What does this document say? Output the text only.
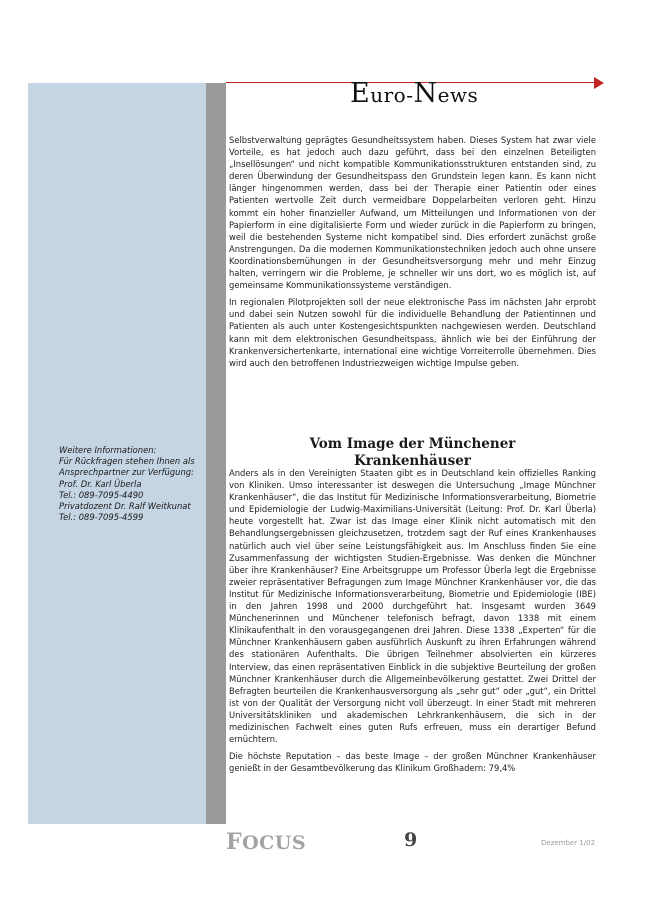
Euro-News

Selbstverwaltung geprägtes Gesundheitssystem haben. Dieses System hat zwar viele Vorteile, es hat jedoch auch dazu geführt, dass bei den einzelnen Beteiligten „Insellösungen“ und nicht kompatible Kommunikationsstrukturen entstanden sind, zu deren Überwindung der Gesundheitspass den Grundstein legen kann. Es kann nicht länger hingenommen werden, dass bei der Therapie einer Patientin oder eines Patienten wertvolle Zeit durch vermeidbare Doppelarbeiten verloren geht. Hinzu kommt ein hoher finanzieller Aufwand, um Mitteilungen und Informationen von der Papierform in eine digitalisierte Form und wieder zurück in die Papierform zu bringen, weil die bestehenden Systeme nicht kompatibel sind. Dies erfordert zunächst große Anstrengungen. Da die modernen Kommunikationstechniken jedoch auch ohne unsere Koordinationsbemühungen in der Gesundheitsversorgung mehr und mehr Einzug halten, verringern wir die Probleme, je schneller wir uns dort, wo es möglich ist, auf gemeinsame Kommunikationssysteme verständigen.

In regionalen Pilotprojekten soll der neue elektronische Pass im nächsten Jahr erprobt und dabei sein Nutzen sowohl für die individuelle Behandlung der Patientinnen und Patienten als auch unter Kostengesichtspunkten nachgewiesen werden. Deutschland kann mit dem elektronischen Gesundheitspass, ähnlich wie bei der Einführung der Krankenversichertenkarte, international eine wichtige Vorreiterrolle übernehmen. Dies wird auch den betroffenen Industriezweigen wichtige Impulse geben.

Vom Image der Münchener
Krankenhäuser

Anders als in den Vereinigten Staaten gibt es in Deutschland kein offizielles Ranking von Kliniken. Umso interessanter ist deswegen die Untersuchung „Image Münchner Krankenhäuser“, die das Institut für Medizinische Informationsverarbeitung, Biometrie und Epidemiologie der Ludwig-Maximilians-Universität (Leitung: Prof. Dr. Karl Überla) heute vorgestellt hat. Zwar ist das Image einer Klinik nicht automatisch mit den Behandlungsergebnissen gleichzusetzen, trotzdem sagt der Ruf eines Krankenhauses natürlich auch viel über seine Leistungsfähigkeit aus. Im Anschluss finden Sie eine Zusammenfassung der wichtigsten Studien-Ergebnisse. Was denken die Münchner über ihre Krankenhäuser? Eine Arbeitsgruppe um Professor Überla legt die Ergebnisse zweier repräsentativer Befragungen zum Image Münchner Krankenhäuser vor, die das Institut für Medizinische Informationsverarbeitung, Biometrie und Epidemiologie (IBE) in den Jahren 1998 und 2000 durchgeführt hat. Insgesamt wurden 3649 Münchenerinnen und Münchener telefonisch befragt, davon 1338 mit einem Klinikaufenthalt in den vorausgegangenen drei Jahren. Diese 1338 „Experten“ für die Münchner Krankenhäusern gaben ausführlich Auskunft zu ihren Erfahrungen während des stationären Aufenthalts. Die übrigen Teilnehmer absolvierten ein kürzeres Interview, das einen repräsentativen Einblick in die subjektive Beurteilung der großen Münchner Krankenhäuser durch die Allgemeinbevölkerung gestattet. Zwei Drittel der Befragten beurteilen die Krankenhausversorgung als „sehr gut“ oder „gut“, ein Drittel ist von der Qualität der Versorgung nicht voll überzeugt. In einer Stadt mit mehreren Universitätskliniken und akademischen Lehrkrankenhäusern, die sich in der medizinischen Fachwelt eines guten Rufs erfreuen, muss ein derartiger Befund ernüchtern.

Die höchste Reputation – das beste Image – der großen Münchner Krankenhäuser genießt in der Gesamtbevölkerung das Klinikum Großhadern: 79,4%

Weitere Informationen:
Für Rückfragen stehen Ihnen als
Ansprechpartner zur Verfügung:
Prof. Dr. Karl Überla
Tel.: 089-7095-4490
Privatdozent Dr. Ralf Weitkunat
Tel.: 089-7095-4599
FOCUS	9	Dezember 1/02
